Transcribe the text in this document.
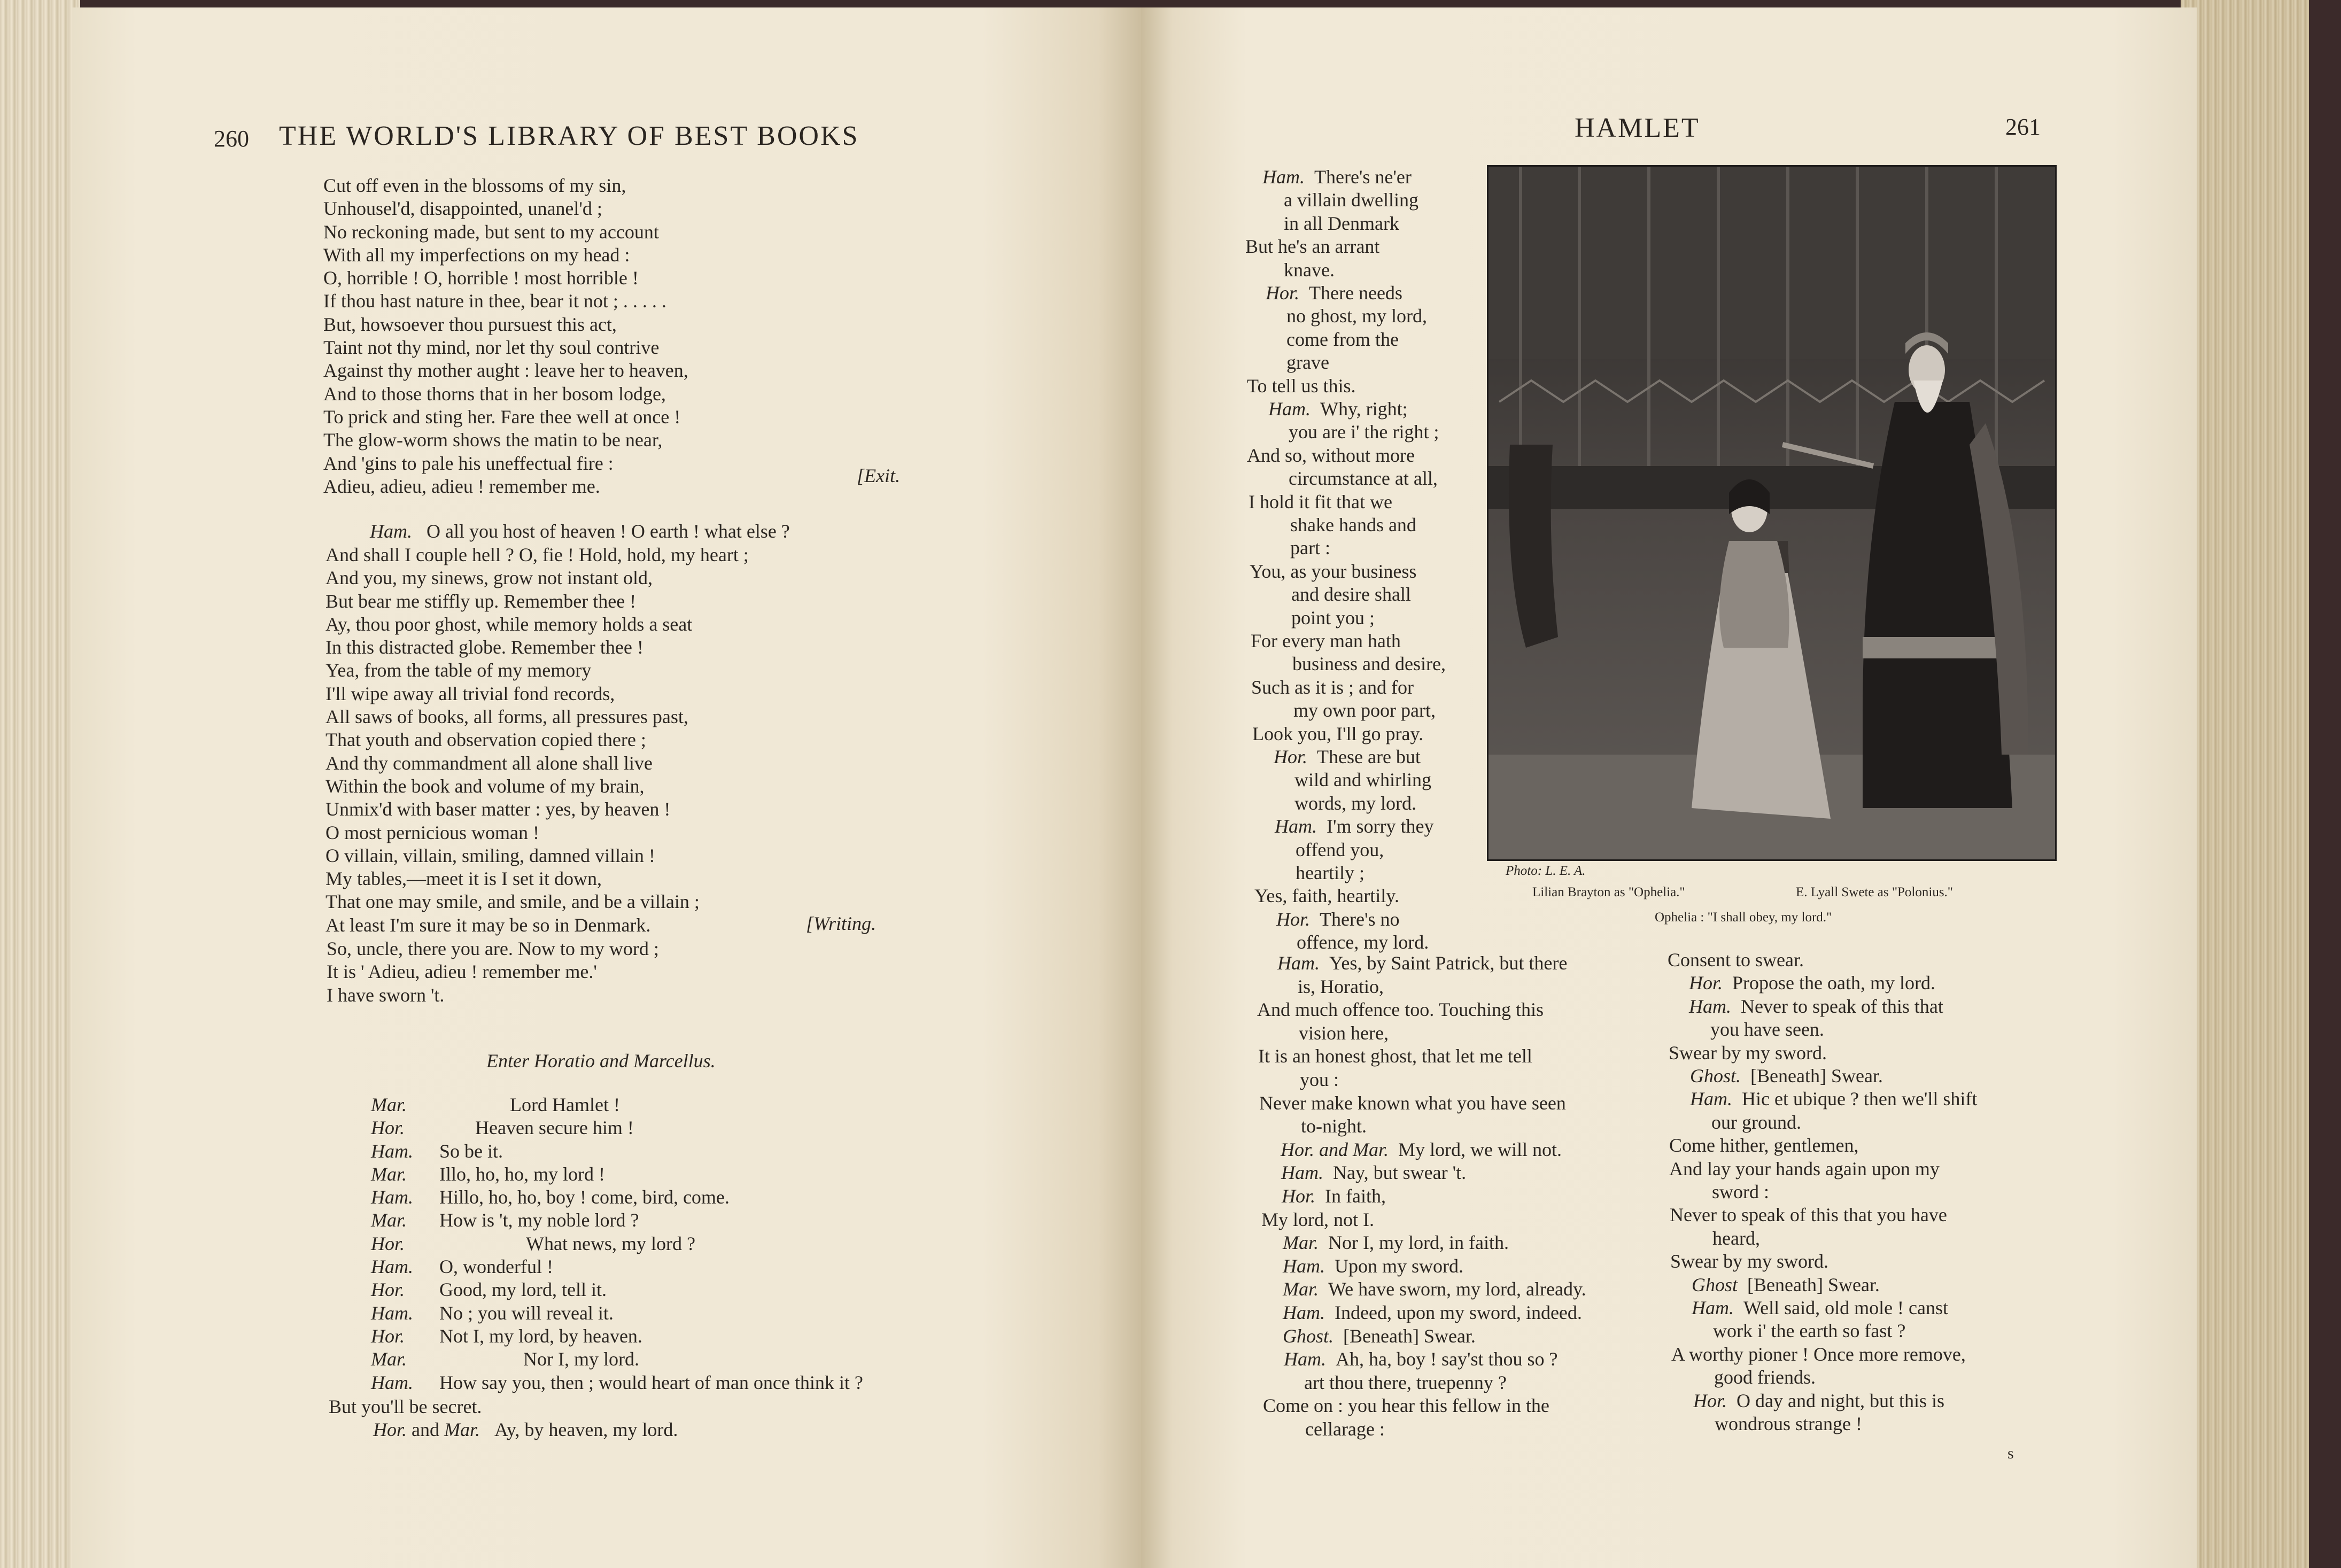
260 THE WORLD'S LIBRARY OF BEST BOOKS
Cut off even in the blossoms of my sin,
Unhousel'd, disappointed, unanel'd ;
No reckoning made, but sent to my account
With all my imperfections on my head :
O, horrible ! O, horrible ! most horrible !
If thou hast nature in thee, bear it not ; . . . . .
But, howsoever thou pursuest this act,
Taint not thy mind, nor let thy soul contrive
Against thy mother aught : leave her to heaven,
And to those thorns that in her bosom lodge,
To prick and sting her. Fare thee well at once !
The glow-worm shows the matin to be near,
And 'gins to pale his uneffectual fire :
Adieu, adieu, adieu ! remember me.	[Exit.
Ham. O all you host of heaven ! O earth ! what else ?
And shall I couple hell ? O, fie ! Hold, hold, my heart ;
And you, my sinews, grow not instant old,
But bear me stiffly up. Remember thee !
Ay, thou poor ghost, while memory holds a seat
In this distracted globe. Remember thee !
Yea, from the table of my memory
I'll wipe away all trivial fond records,
All saws of books, all forms, all pressures past,
That youth and observation copied there ;
And thy commandment all alone shall live
Within the book and volume of my brain,
Unmix'd with baser matter : yes, by heaven !
O most pernicious woman !
O villain, villain, smiling, damned villain !
My tables,—meet it is I set it down,
That one may smile, and smile, and be a villain ;
At least I'm sure it may be so in Denmark.	[Writing.
So, uncle, there you are. Now to my word ;
It is ' Adieu, adieu ! remember me.'
I have sworn 't.
Enter Horatio and Marcellus.
Mar.	Lord Hamlet !
Hor.	Heaven secure him !
Ham. So be it.
Mar. Illo, ho, ho, my lord !
Ham. Hillo, ho, ho, boy ! come, bird, come.
Mar. How is 't, my noble lord ?
Hor.	What news, my lord ?
Ham. O, wonderful !
Hor. Good, my lord, tell it.
Ham. No ; you will reveal it.
Hor. Not I, my lord, by heaven.
Mar.	Nor I, my lord.
Ham. How say you, then ; would heart of man once think it ?
But you'll be secret.
Hor. and Mar. Ay, by heaven, my lord.
HAMLET	261
Ham. There's ne'er
a villain dwelling
in all Denmark
But he's an arrant
knave.
Hor. There needs
no ghost, my lord,
come from the
grave
To tell us this.
Ham. Why, right;
you are i' the right ;
And so, without more
circumstance at all,
I hold it fit that we
shake hands and
part :
You, as your business
and desire shall
point you ;
For every man hath
business and desire,
Such as it is ; and for
my own poor part,
Look you, I'll go pray.
Hor. These are but
wild and whirling
words, my lord.
Ham. I'm sorry they
offend you,
heartily ;
Yes, faith, heartily.
Hor. There's no
offence, my lord.
Photo: L. E. A.
Lilian Brayton as "Ophelia."	E. Lyall Swete as "Polonius."
Ophelia : "I shall obey, my lord."
Ham. Yes, by Saint Patrick, but there
is, Horatio,
And much offence too. Touching this
vision here,
It is an honest ghost, that let me tell
you :
Never make known what you have seen
to-night.
Hor. and Mar. My lord, we will not.
Ham. Nay, but swear 't.
Hor. In faith,
My lord, not I.
Mar. Nor I, my lord, in faith.
Ham. Upon my sword.
Mar. We have sworn, my lord, already.
Ham. Indeed, upon my sword, indeed.
Ghost. [Beneath] Swear.
Ham. Ah, ha, boy ! say'st thou so ?
art thou there, truepenny ?
Come on : you hear this fellow in the
cellarage :
Consent to swear.
Hor. Propose the oath, my lord.
Ham. Never to speak of this that
you have seen.
Swear by my sword.
Ghost. [Beneath] Swear.
Ham. Hic et ubique ? then we'll shift
our ground.
Come hither, gentlemen,
And lay your hands again upon my
sword :
Never to speak of this that you have
heard,
Swear by my sword.
Ghost [Beneath] Swear.
Ham. Well said, old mole ! canst
work i' the earth so fast ?
A worthy pioner ! Once more remove,
good friends.
Hor. O day and night, but this is
wondrous strange !
s
